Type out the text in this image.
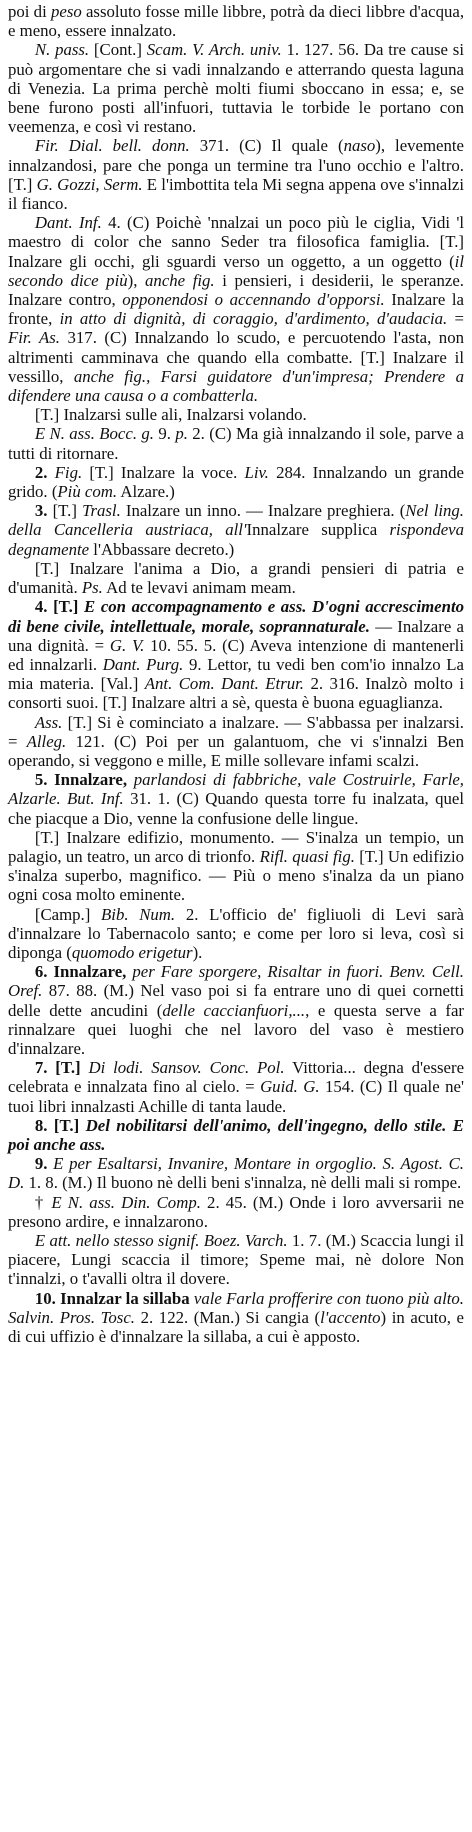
poi di peso assoluto fosse mille libbre, potrà da dieci libbre d'acqua, e meno, essere innalzato.

N. pass. [Cont.] Scam. V. Arch. univ. 1. 127. 56. Da tre cause si può argomentare che si vadi innalzando e atterrando questa laguna di Venezia. La prima perchè molti fiumi sboccano in essa; e, se bene furono posti all'infuori, tuttavia le torbide le portano con veemenza, e così vi restano.

Fir. Dial. bell. donn. 371. (C) Il quale (naso), levemente innalzandosi, pare che ponga un termine tra l'uno occhio e l'altro. [T.] G. Gozzi, Serm. E l'imbottita tela Mi segna appena ove s'innalzi il fianco.

Dant. Inf. 4. (C) Poichè 'nnalzai un poco più le ciglia, Vidi 'l maestro di color che sanno Seder tra filosofica famiglia. [T.] Inalzare gli occhi, gli sguardi verso un oggetto, a un oggetto (il secondo dice più), anche fig. i pensieri, i desiderii, le speranze. Inalzare contro, opponendosi o accennando d'opporsi. Inalzare la fronte, in atto di dignità, di coraggio, d'ardimento, d'audacia. = Fir. As. 317. (C) Innalzando lo scudo, e percuotendo l'asta, non altrimenti camminava che quando ella combatte. [T.] Inalzare il vessillo, anche fig., Farsi guidatore d'un'impresa; Prendere a difendere una causa o a combatterla.

[T.] Inalzarsi sulle ali, Inalzarsi volando.

E N. ass. Bocc. g. 9. p. 2. (C) Ma già innalzando il sole, parve a tutti di ritornare.

2. Fig. [T.] Inalzare la voce. Liv. 284. Innalzando un grande grido. (Più com. Alzare.)

3. [T.] Trasl. Inalzare un inno. — Inalzare preghiera. (Nel ling. della Cancelleria austriaca, all'Innalzare supplica rispondeva degnamente l'Abbassare decreto.)

[T.] Inalzare l'anima a Dio, a grandi pensieri di patria e d'umanità. Ps. Ad te levavi animam meam.

4. [T.] E con accompagnamento e ass. D'ogni accrescimento di bene civile, intellettuale, morale, soprannaturale. — Inalzare a una dignità. = G. V. 10. 55. 5. (C) Aveva intenzione di mantenerli ed innalzarli. Dant. Purg. 9. Lettor, tu vedi ben com'io innalzo La mia materia. [Val.] Ant. Com. Dant. Etrur. 2. 316. Inalzò molto i consorti suoi. [T.] Inalzare altri a sè, questa è buona eguaglianza.

Ass. [T.] Si è cominciato a inalzare. — S'abbassa per inalzarsi. = Alleg. 121. (C) Poi per un galantuom, che vi s'innalzi Ben operando, si veggono e mille, E mille sollevare infami scalzi.

5. Innalzare, parlandosi di fabbriche, vale Costruirle, Farle, Alzarle. But. Inf. 31. 1. (C) Quando questa torre fu inalzata, quel che piacque a Dio, venne la confusione delle lingue.

[T.] Inalzare edifizio, monumento. — S'inalza un tempio, un palagio, un teatro, un arco di trionfo. Rifl. quasi fig. [T.] Un edifizio s'inalza superbo, magnifico. — Più o meno s'inalza da un piano ogni cosa molto eminente.

[Camp.] Bib. Num. 2. L'officio de' figliuoli di Levi sarà d'innalzare lo Tabernacolo santo; e come per loro si leva, così si diponga (quomodo erigetur).

6. Innalzare, per Fare sporgere, Risaltar in fuori. Benv. Cell. Oref. 87. 88. (M.) Nel vaso poi si fa entrare uno di quei cornetti delle dette ancudini (delle caccianfuori,..., e questa serve a far rinnalzare quei luoghi che nel lavoro del vaso è mestiero d'innalzare.

7. [T.] Di lodi. Sansov. Conc. Pol. Vittoria... degna d'essere celebrata e innalzata fino al cielo. = Guid. G. 154. (C) Il quale ne' tuoi libri innalzasti Achille di tanta laude.

8. [T.] Del nobilitarsi dell'animo, dell'ingegno, dello stile. E poi anche ass.

9. E per Esaltarsi, Invanire, Montare in orgoglio. S. Agost. C. D. 1. 8. (M.) Il buono nè delli beni s'innalza, nè delli mali si rompe.

† E N. ass. Din. Comp. 2. 45. (M.) Onde i loro avversarii ne presono ardire, e innalzarono.

E att. nello stesso signif. Boez. Varch. 1. 7. (M.) Scaccia lungi il piacere, Lungi scaccia il timore; Speme mai, nè dolore Non t'innalzi, o t'avalli oltra il dovere.

10. Innalzar la sillaba vale Farla profferire con tuono più alto. Salvin. Pros. Tosc. 2. 122. (Man.) Si cangia (l'accento) in acuto, e di cui uffizio è d'innalzare la sillaba, a cui è apposto.
